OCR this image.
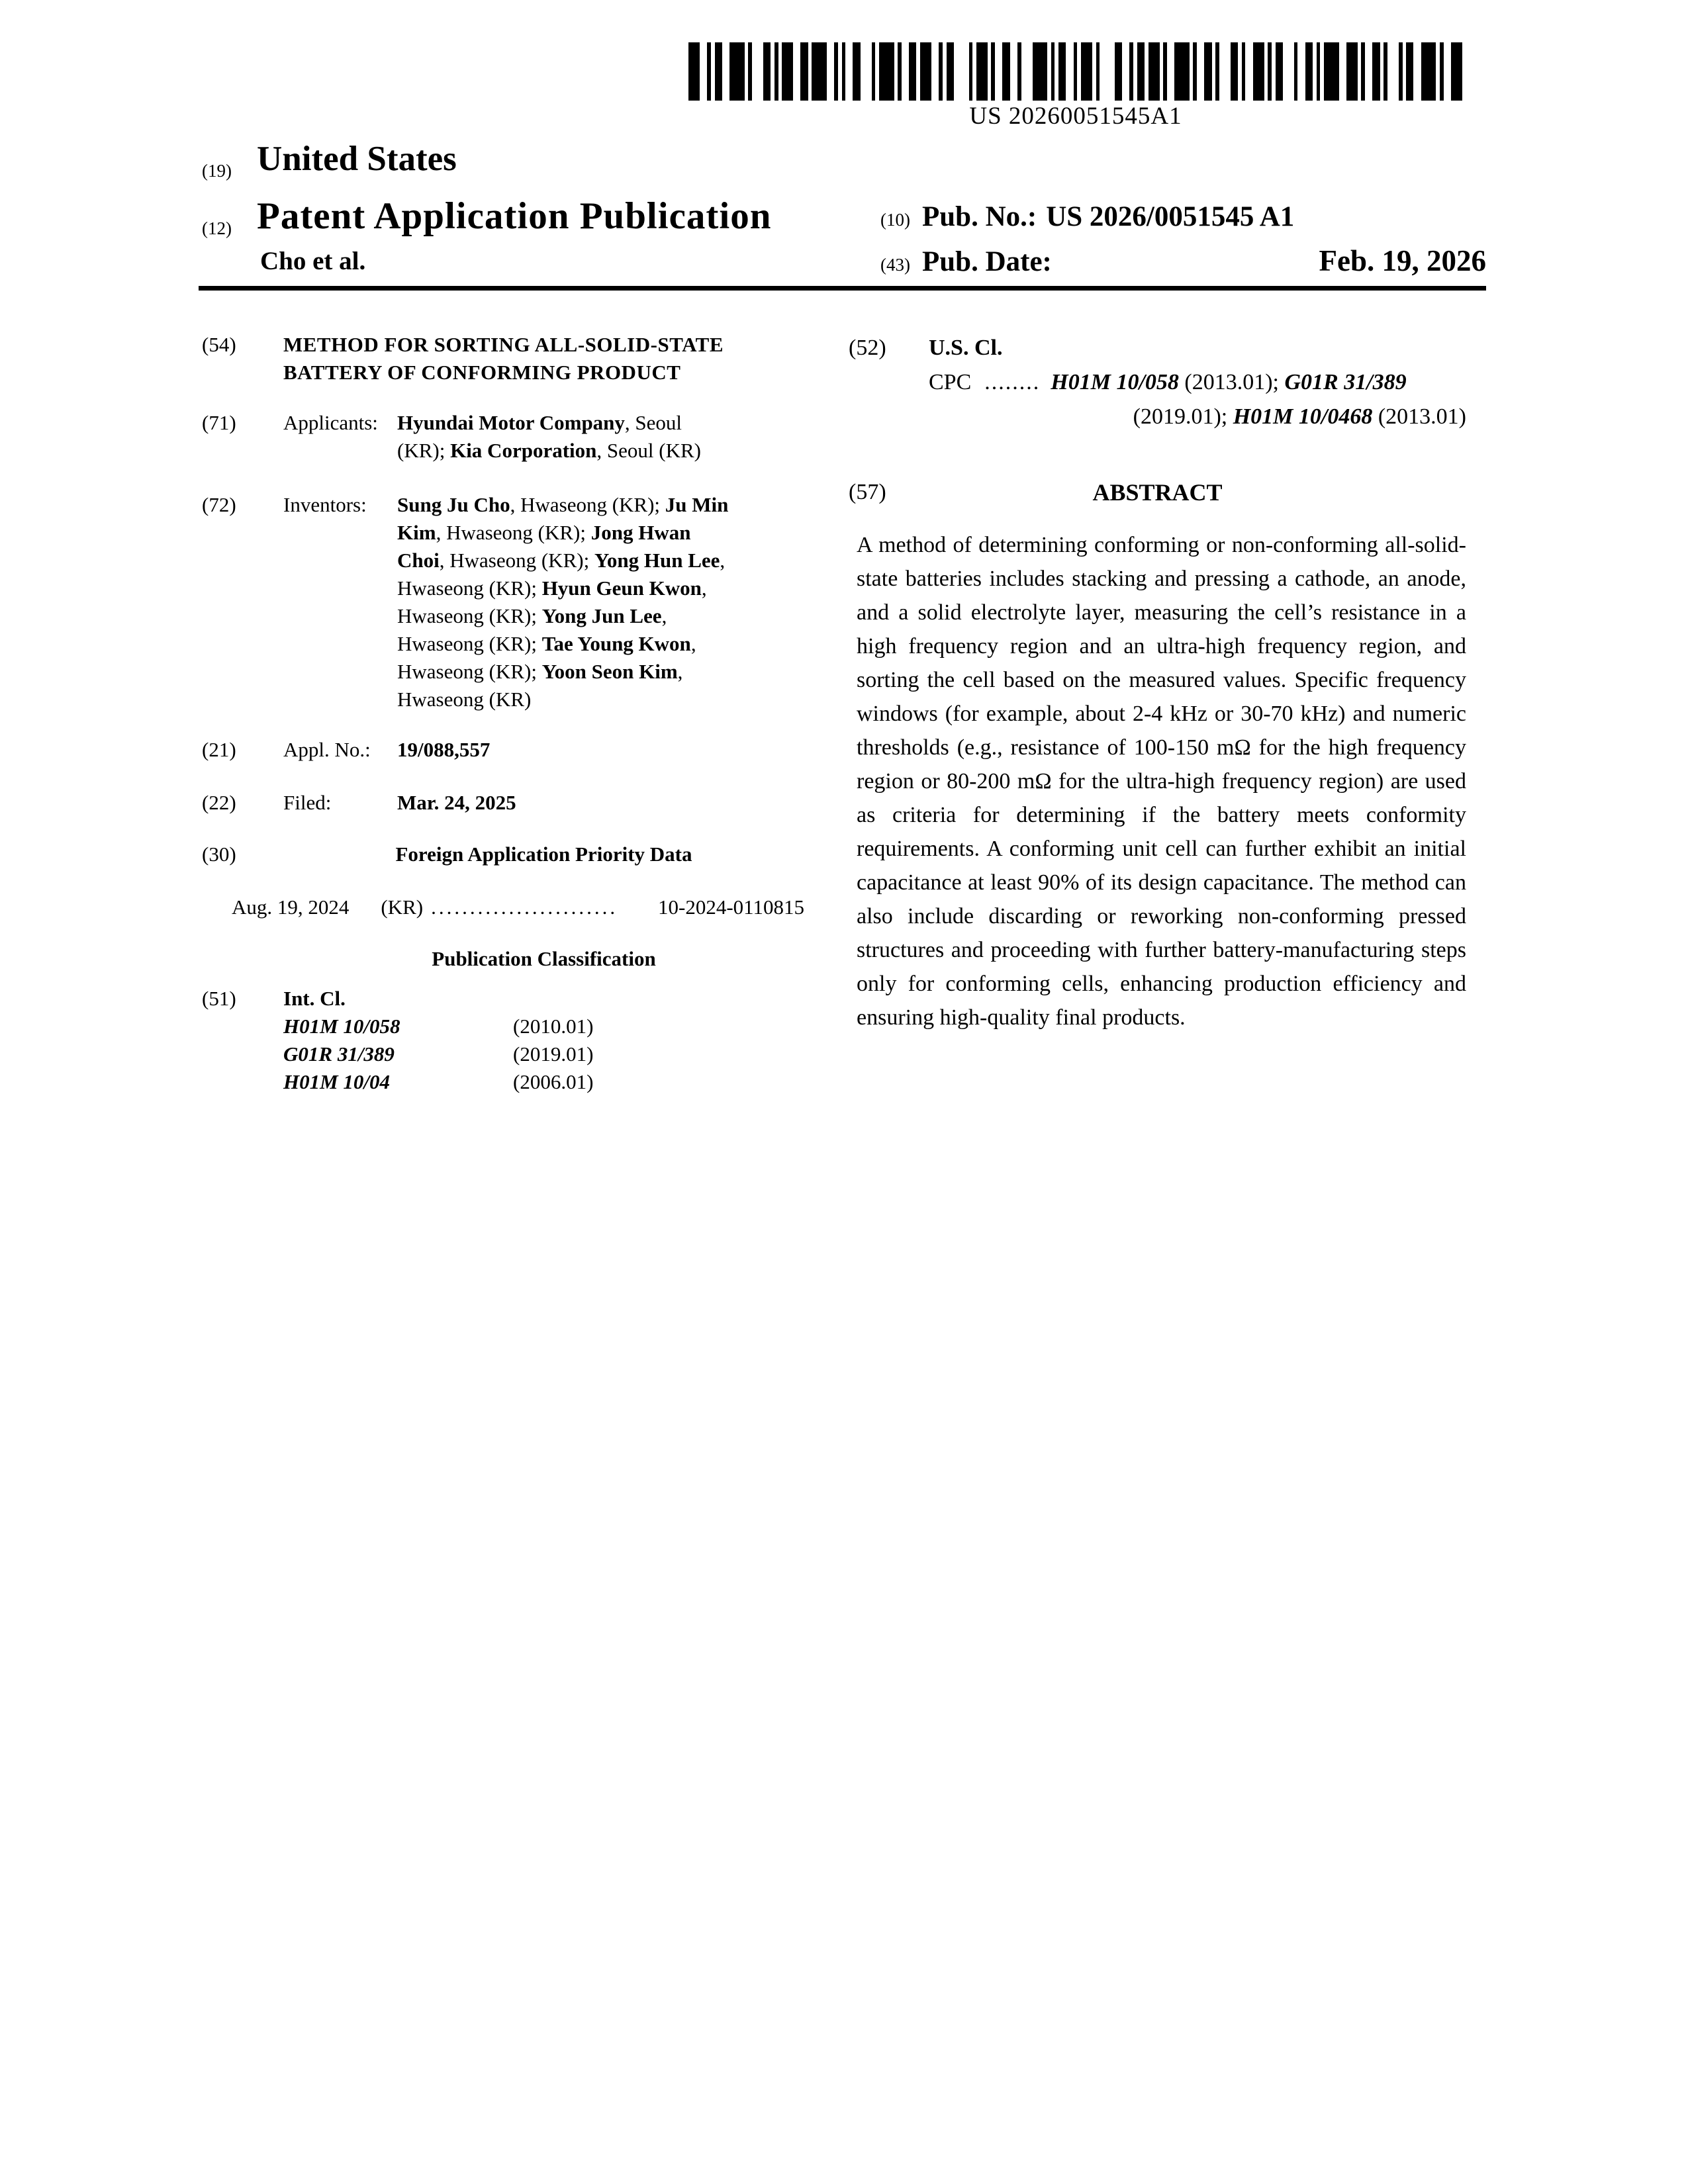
US 20260051545A1
(19) United States
(12) Patent Application Publication
Cho et al.
(10) Pub. No.: US 2026/0051545 A1
(43) Pub. Date:	Feb. 19, 2026
(54)	METHOD FOR SORTING ALL-SOLID-STATE
BATTERY OF CONFORMING PRODUCT
(71)	Applicants: Hyundai Motor Company, Seoul
(KR); Kia Corporation, Seoul (KR)
(72)	Inventors:	Sung Ju Cho, Hwaseong (KR); Ju Min
Kim, Hwaseong (KR); Jong Hwan
Choi, Hwaseong (KR); Yong Hun Lee,
Hwaseong (KR); Hyun Geun Kwon,
Hwaseong (KR); Yong Jun Lee,
Hwaseong (KR); Tae Young Kwon,
Hwaseong (KR); Yoon Seon Kim,
Hwaseong (KR)
(21)	Appl. No.:	19/088,557
(22)	Filed:	Mar. 24, 2025
(30)	Foreign Application Priority Data
Aug. 19, 2024 (KR) ........................	10-2024-0110815
Publication Classification
(51)	Int. Cl.
H01M 10/058	(2010.01)
G01R 31/389	(2019.01)
H01M 10/04	(2006.01)
(52)	U.S. Cl.
CPC ........ H01M 10/058 (2013.01); G01R 31/389
(2019.01); H01M 10/0468 (2013.01)
(57)	ABSTRACT

A method of determining conforming or non-conforming all-solid-state batteries includes stacking and pressing a cathode, an anode, and a solid electrolyte layer, measuring the cell’s resistance in a high frequency region and an ultra-high frequency region, and sorting the cell based on the measured values. Specific frequency windows (for example, about 2-4 kHz or 30-70 kHz) and numeric thresholds (e.g., resistance of 100-150 mΩ for the high frequency region or 80-200 mΩ for the ultra-high frequency region) are used as criteria for determining if the battery meets conformity requirements. A conforming unit cell can further exhibit an initial capacitance at least 90% of its design capacitance. The method can also include discarding or reworking non-conforming pressed structures and proceeding with further battery-manufacturing steps only for conforming cells, enhancing production efficiency and ensuring high-quality final products.
